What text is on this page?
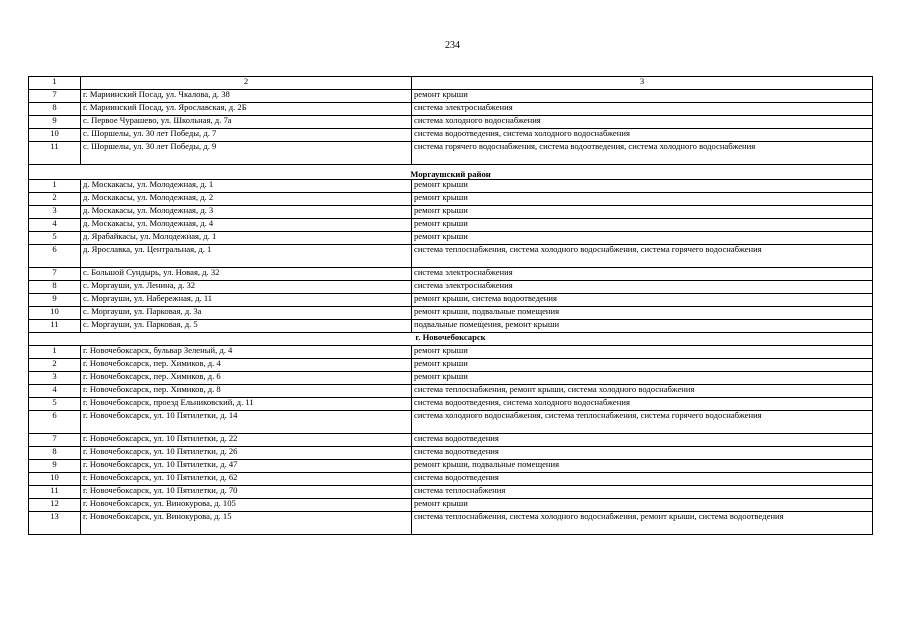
234
1	2	3
7	г. Мариинский Посад, ул. Чкалова, д. 38	ремонт крыши
8	г. Мариинский Посад, ул. Ярославская, д. 2Б	система электроснабжения
9	с. Первое Чурашево, ул. Школьная, д. 7а	система холодного водоснабжения
10	с. Шоршелы, ул. 30 лет Победы, д. 7	система водоотведения, система холодного водоснабжения
11	с. Шоршелы, ул. 30 лет Победы, д. 9	система горячего водоснабжения, система водоотведения, система холодного водоснабжения
Моргаушский район		
1	д. Москакасы, ул. Молодежная, д. 1	ремонт крыши
2	д. Москакасы, ул. Молодежная, д. 2	ремонт крыши
3	д. Москакасы, ул. Молодежная, д. 3	ремонт крыши
4	д. Москакасы, ул. Молодежная, д. 4	ремонт крыши
5	д. Ярабайкасы, ул. Молодежная, д. 1	ремонт крыши
6	д. Ярославка, ул. Центральная, д. 1	система теплоснабжения, система холодного водоснабжения, система горячего водоснабжения
7	с. Большой Сундырь, ул. Новая, д. 32	система электроснабжения
8	с. Моргауши, ул. Ленина, д. 32	система электроснабжения
9	с. Моргауши, ул. Набережная, д. 11	ремонт крыши, система водоотведения
10	с. Моргауши, ул. Парковая, д. 3а	ремонт крыши, подвальные помещения
11	с. Моргауши, ул. Парковая, д. 5	подвальные помещения, ремонт крыши
г. Новочебоксарск		
1	г. Новочебоксарск, бульвар Зеленый, д. 4	ремонт крыши
2	г. Новочебоксарск, пер. Химиков, д. 4	ремонт крыши
3	г. Новочебоксарск, пер. Химиков, д. 6	ремонт крыши
4	г. Новочебоксарск, пер. Химиков, д. 8	система теплоснабжения, ремонт крыши, система холодного водоснабжения
5	г. Новочебоксарск, проезд Ельниковский, д. 11	система водоотведения, система холодного водоснабжения
6	г. Новочебоксарск, ул. 10 Пятилетки, д. 14	система холодного водоснабжения, система теплоснабжения, система горячего водоснабжения
7	г. Новочебоксарск, ул. 10 Пятилетки, д. 22	система водоотведения
8	г. Новочебоксарск, ул. 10 Пятилетки, д. 26	система водоотведения
9	г. Новочебоксарск, ул. 10 Пятилетки, д. 47	ремонт крыши, подвальные помещения
10	г. Новочебоксарск, ул. 10 Пятилетки, д. 62	система водоотведения
11	г. Новочебоксарск, ул. 10 Пятилетки, д. 70	система теплоснабжения
12	г. Новочебоксарск, ул. Винокурова, д. 105	ремонт крыши
13	г. Новочебоксарск, ул. Винокурова, д. 15	система теплоснабжения, система холодного водоснабжения, ремонт крыши, система водоотведения
